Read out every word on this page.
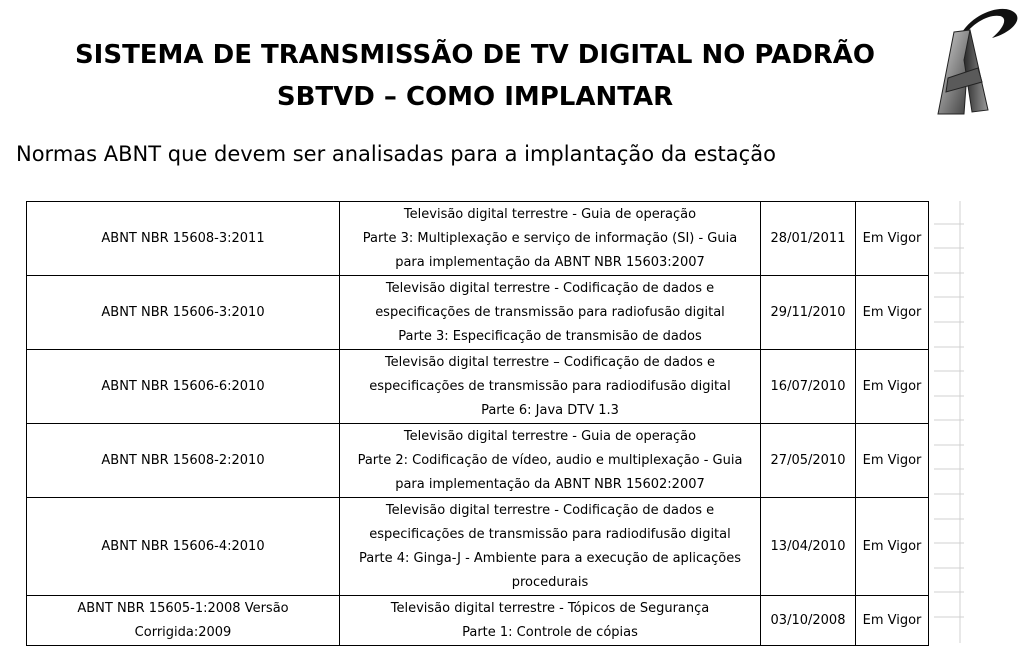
SISTEMA DE TRANSMISSÃO DE TV DIGITAL NO PADRÃO
SBTVD – COMO IMPLANTAR
Normas ABNT que devem ser analisadas para a implantação da estação
ABNT NBR 15608-3:2011	Televisão digital terrestre - Guia de operação
Parte 3: Multiplexação e serviço de informação (SI) - Guia
para implementação da ABNT NBR 15603:2007	28/01/2011	Em Vigor

ABNT NBR 15606-3:2010	Televisão digital terrestre - Codificação de dados e
especificações de transmissão para radiofusão digital
Parte 3: Especificação de transmisão de dados	29/11/2010	Em Vigor

ABNT NBR 15606-6:2010	Televisão digital terrestre – Codificação de dados e
especificações de transmissão para radiodifusão digital
Parte 6: Java DTV 1.3	16/07/2010	Em Vigor

ABNT NBR 15608-2:2010	Televisão digital terrestre - Guia de operação
Parte 2: Codificação de vídeo, audio e multiplexação - Guia
para implementação da ABNT NBR 15602:2007	27/05/2010	Em Vigor

ABNT NBR 15606-4:2010	Televisão digital terrestre - Codificação de dados e
especificações de transmissão para radiodifusão digital
Parte 4: Ginga-J - Ambiente para a execução de aplicações
procedurais	13/04/2010	Em Vigor

ABNT NBR 15605-1:2008 Versão
Corrigida:2009	Televisão digital terrestre - Tópicos de Segurança
Parte 1: Controle de cópias	03/10/2008	Em Vigor
